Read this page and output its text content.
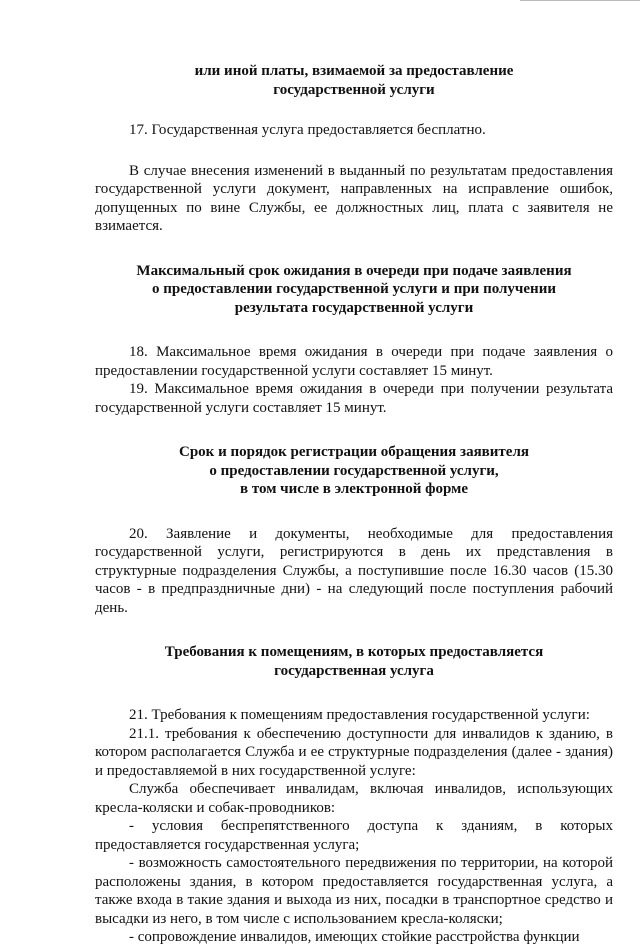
или иной платы, взимаемой за предоставление

государственной услуги

17. Государственная услуга предоставляется бесплатно.

В случае внесения изменений в выданный по результатам предоставления государственной услуги документ, направленных на исправление ошибок, допущенных по вине Службы, ее должностных лиц, плата с заявителя не взимается.

Максимальный срок ожидания в очереди при подаче заявления

о предоставлении государственной услуги и при получении

результата государственной услуги

18. Максимальное время ожидания в очереди при подаче заявления о предоставлении государственной услуги составляет 15 минут.

19. Максимальное время ожидания в очереди при получении результата государственной услуги составляет 15 минут.

Срок и порядок регистрации обращения заявителя

о предоставлении государственной услуги,

в том числе в электронной форме

20. Заявление и документы, необходимые для предоставления государственной услуги, регистрируются в день их представления в структурные подразделения Службы, а поступившие после 16.30 часов (15.30 часов - в предпраздничные дни) - на следующий после поступления рабочий день.

Требования к помещениям, в которых предоставляется

государственная услуга

21. Требования к помещениям предоставления государственной услуги:

21.1. требования к обеспечению доступности для инвалидов к зданию, в котором располагается Служба и ее структурные подразделения (далее - здания) и предоставляемой в них государственной услуге:

Служба обеспечивает инвалидам, включая инвалидов, использующих кресла-коляски и собак-проводников:

- условия беспрепятственного доступа к зданиям, в которых предоставляется государственная услуга;

- возможность самостоятельного передвижения по территории, на которой расположены здания, в котором предоставляется государственная услуга, а также входа в такие здания и выхода из них, посадки в транспортное средство и высадки из него, в том числе с использованием кресла-коляски;

- сопровождение инвалидов, имеющих стойкие расстройства функции
